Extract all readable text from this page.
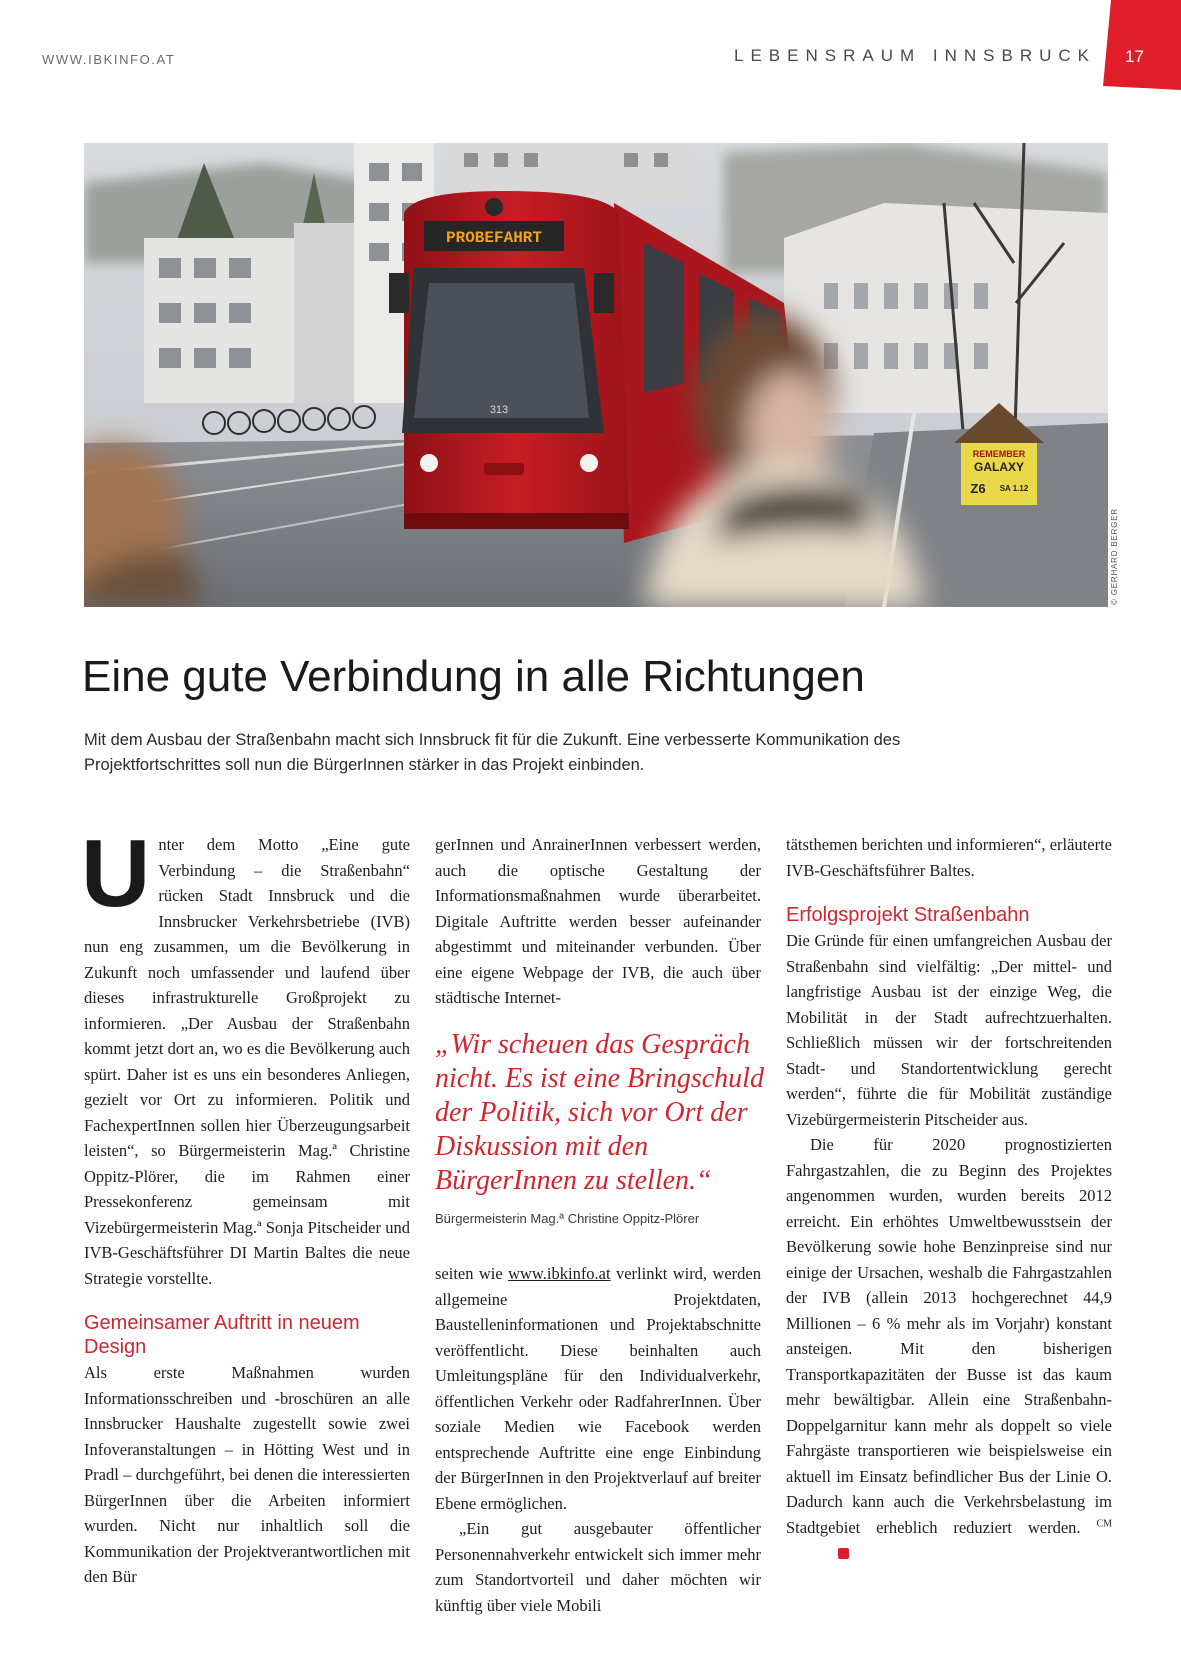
WWW.IBKINFO.AT	LEBENSRAUM INNSBRUCK 17
PROBEFAHRT
313
REMEMBER
GALAXY
Z6 SA 1.12
© GERHARD BERGER
Eine gute Verbindung in alle Richtungen

Mit dem Ausbau der Straßenbahn macht sich Innsbruck fit für die Zukunft. Eine verbesserte Kommunikation des Projektfortschrittes soll nun die BürgerInnen stärker in das Projekt einbinden.

Unter dem Motto „Eine gute Verbindung – die Straßenbahn“ rücken Stadt Innsbruck und die Innsbrucker Verkehrsbetriebe (IVB) nun eng zusammen, um die Bevölkerung in Zukunft noch umfassender und laufend über dieses infrastrukturelle Großprojekt zu informieren. „Der Ausbau der Straßenbahn kommt jetzt dort an, wo es die Bevölkerung auch spürt. Daher ist es uns ein besonderes Anliegen, gezielt vor Ort zu informieren. Politik und FachexpertInnen sollen hier Überzeugungsarbeit leisten“, so Bürgermeisterin Mag.ª Christine Oppitz-Plörer, die im Rahmen einer Pressekonferenz gemeinsam mit Vizebürgermeisterin Mag.ª Sonja Pitscheider und IVB-Geschäftsführer DI Martin Baltes die neue Strategie vorstellte.

Gemeinsamer Auftritt in neuem Design

Als erste Maßnahmen wurden Informationsschreiben und -broschüren an alle Innsbrucker Haushalte zugestellt sowie zwei Infoveranstaltungen – in Hötting West und in Pradl – durchgeführt, bei denen die interessierten BürgerInnen über die Arbeiten informiert wurden. Nicht nur inhaltlich soll die Kommunikation der Projektverantwortlichen mit den Bür

gerInnen und AnrainerInnen verbessert werden, auch die optische Gestaltung der Informationsmaßnahmen wurde überarbeitet. Digitale Auftritte werden besser aufeinander abgestimmt und miteinander verbunden. Über eine eigene Webpage der IVB, die auch über städtische Internet-

„Wir scheuen das Gespräch nicht. Es ist eine Bringschuld der Politik, sich vor Ort der Diskussion mit den BürgerInnen zu stellen.“
Bürgermeisterin Mag.ª Christine Oppitz-Plörer

seiten wie www.ibkinfo.at verlinkt wird, werden allgemeine Projektdaten, Baustelleninformationen und Projektabschnitte veröffentlicht. Diese beinhalten auch Umleitungspläne für den Individualverkehr, öffentlichen Verkehr oder RadfahrerInnen. Über soziale Medien wie Facebook werden entsprechende Auftritte eine enge Einbindung der BürgerInnen in den Projektverlauf auf breiter Ebene ermöglichen.

„Ein gut ausgebauter öffentlicher Personennahverkehr entwickelt sich immer mehr zum Standortvorteil und daher möchten wir künftig über viele Mobili

tätsthemen berichten und informieren“, erläuterte IVB-Geschäftsführer Baltes.

Erfolgsprojekt Straßenbahn

Die Gründe für einen umfangreichen Ausbau der Straßenbahn sind vielfältig: „Der mittel- und langfristige Ausbau ist der einzige Weg, die Mobilität in der Stadt aufrechtzuerhalten. Schließlich müssen wir der fortschreitenden Stadt- und Standortentwicklung gerecht werden“, führte die für Mobilität zuständige Vizebürgermeisterin Pitscheider aus.

Die für 2020 prognostizierten Fahrgastzahlen, die zu Beginn des Projektes angenommen wurden, wurden bereits 2012 erreicht. Ein erhöhtes Umweltbewusstsein der Bevölkerung sowie hohe Benzinpreise sind nur einige der Ursachen, weshalb die Fahrgastzahlen der IVB (allein 2013 hochgerechnet 44,9 Millionen – 6 % mehr als im Vorjahr) konstant ansteigen. Mit den bisherigen Transportkapazitäten der Busse ist das kaum mehr bewältigbar. Allein eine Straßenbahn-Doppelgarnitur kann mehr als doppelt so viele Fahrgäste transportieren wie beispielsweise ein aktuell im Einsatz befindlicher Bus der Linie O. Dadurch kann auch die Verkehrsbelastung im Stadtgebiet erheblich reduziert werden. $^{CM}$
